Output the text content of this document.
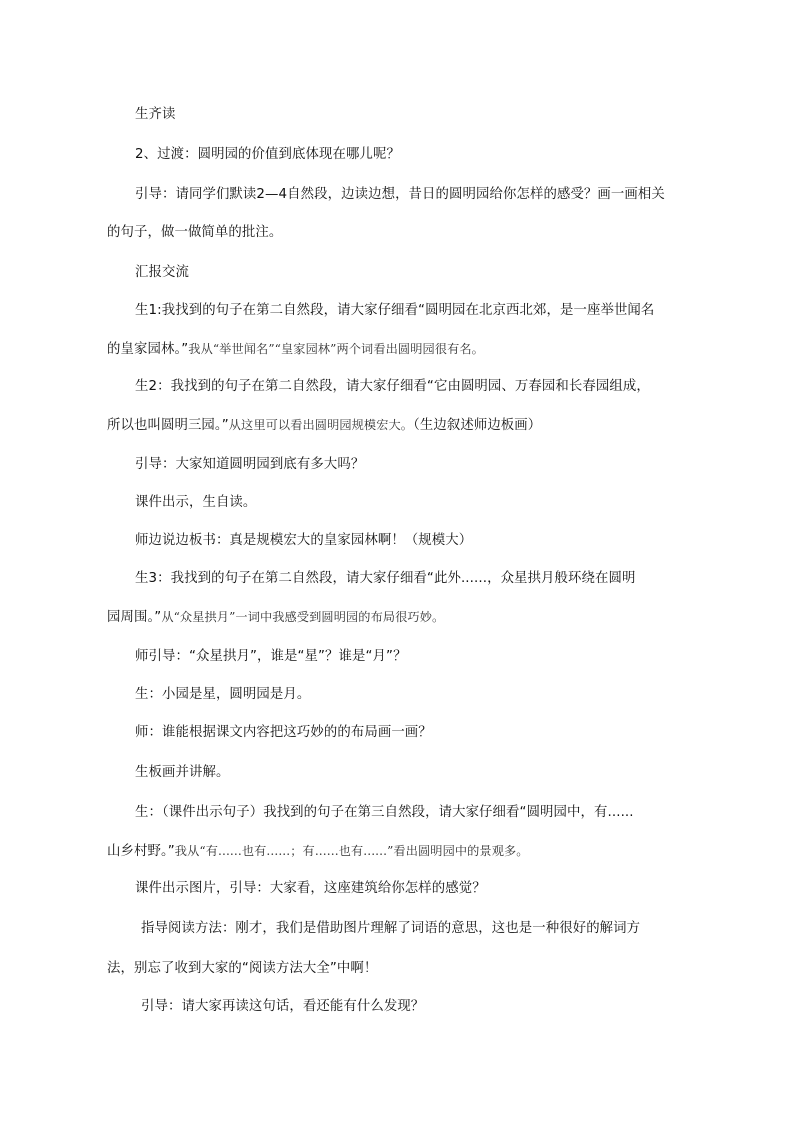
生齐读
2、过渡：圆明园的价值到底体现在哪儿呢？
引导：请同学们默读2—4自然段，边读边想，昔日的圆明园给你怎样的感受？画一画相关
的句子，做一做简单的批注。
汇报交流
生1:我找到的句子在第二自然段，请大家仔细看“圆明园在北京西北郊，是一座举世闻名
的皇家园林。”我从“举世闻名”“皇家园林”两个词看出圆明园很有名。
生2：我找到的句子在第二自然段，请大家仔细看“它由圆明园、万春园和长春园组成，
所以也叫圆明三园。”从这里可以看出圆明园规模宏大。（生边叙述师边板画）
引导：大家知道圆明园到底有多大吗？
课件出示，生自读。
师边说边板书：真是规模宏大的皇家园林啊！（规模大）
生3：我找到的句子在第二自然段，请大家仔细看“此外......，众星拱月般环绕在圆明
园周围。”从“众星拱月”一词中我感受到圆明园的布局很巧妙。
师引导：“众星拱月”，谁是“星”？谁是“月”？
生：小园是星，圆明园是月。
师：谁能根据课文内容把这巧妙的的布局画一画？
生板画并讲解。
生：（课件出示句子）我找到的句子在第三自然段，请大家仔细看“圆明园中，有......
山乡村野。”我从“有......也有......；有......也有......”看出圆明园中的景观多。
课件出示图片，引导：大家看，这座建筑给你怎样的感觉？
指导阅读方法：刚才，我们是借助图片理解了词语的意思，这也是一种很好的解词方
法，别忘了收到大家的“阅读方法大全”中啊！
引导：请大家再读这句话，看还能有什么发现？
